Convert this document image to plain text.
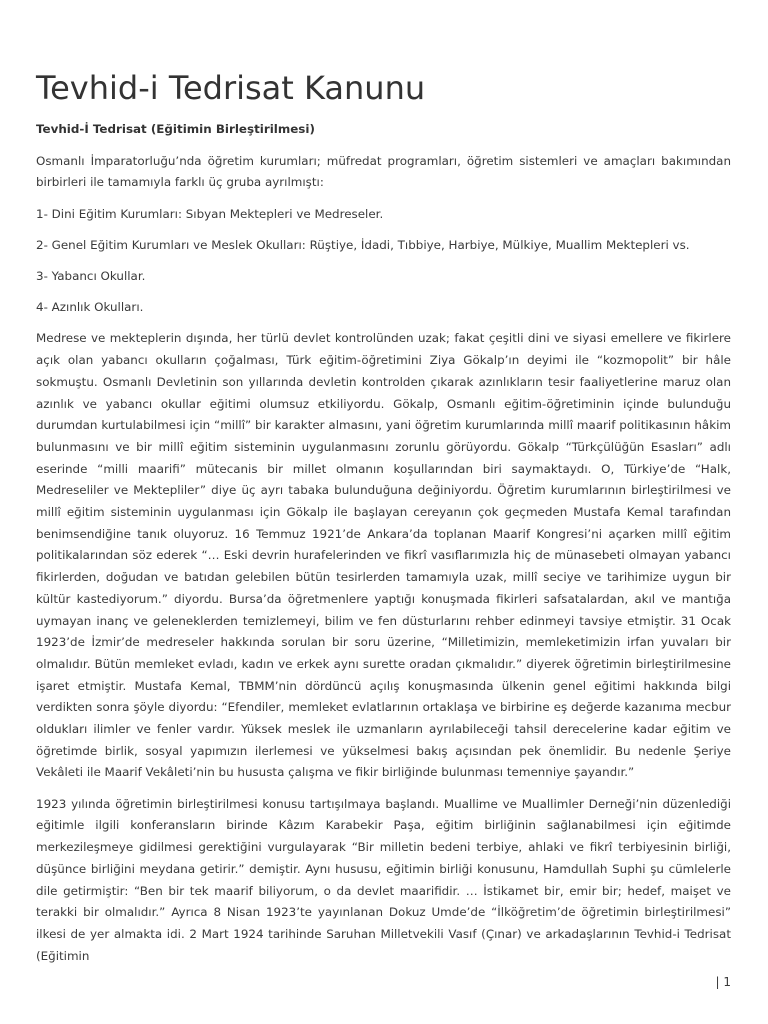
Tevhid-i Tedrisat Kanunu

Tevhid-İ Tedrisat (Eğitimin Birleştirilmesi)

Osmanlı İmparatorluğu’nda öğretim kurumları; müfredat programları, öğretim sistemleri ve amaçları bakımından birbirleri ile tamamıyla farklı üç gruba ayrılmıştı:

1- Dini Eğitim Kurumları: Sıbyan Mektepleri ve Medreseler.

2- Genel Eğitim Kurumları ve Meslek Okulları: Rüştiye, İdadi, Tıbbiye, Harbiye, Mülkiye, Muallim Mektepleri vs.

3- Yabancı Okullar.

4- Azınlık Okulları.

Medrese ve mekteplerin dışında, her türlü devlet kontrolünden uzak; fakat çeşitli dini ve siyasi emellere ve fikirlere açık olan yabancı okulların çoğalması, Türk eğitim-öğretimini Ziya Gökalp’ın deyimi ile “kozmopolit” bir hâle sokmuştu. Osmanlı Devletinin son yıllarında devletin kontrolden çıkarak azınlıkların tesir faaliyetlerine maruz olan azınlık ve yabancı okullar eğitimi olumsuz etkiliyordu. Gökalp, Osmanlı eğitim-öğretiminin içinde bulunduğu durumdan kurtulabilmesi için “millî” bir karakter almasını, yani öğretim kurumlarında millî maarif politikasının hâkim bulunmasını ve bir millî eğitim sisteminin uygulanmasını zorunlu görüyordu. Gökalp “Türkçülüğün Esasları” adlı eserinde “milli maarifi” mütecanis bir millet olmanın koşullarından biri saymaktaydı. O, Türkiye’de “Halk, Medreseliler ve Mektepliler” diye üç ayrı tabaka bulunduğuna değiniyordu. Öğretim kurumlarının birleştirilmesi ve millî eğitim sisteminin uygulanması için Gökalp ile başlayan cereyanın çok geçmeden Mustafa Kemal tarafından benimsendiğine tanık oluyoruz. 16 Temmuz 1921’de Ankara’da toplanan Maarif Kongresi’ni açarken millî eğitim politikalarından söz ederek “… Eski devrin hurafelerinden ve fikrî vasıflarımızla hiç de münasebeti olmayan yabancı fikirlerden, doğudan ve batıdan gelebilen bütün tesirlerden tamamıyla uzak, millî seciye ve tarihimize uygun bir kültür kastediyorum.” diyordu. Bursa’da öğretmenlere yaptığı konuşmada fikirleri safsatalardan, akıl ve mantığa uymayan inanç ve geleneklerden temizlemeyi, bilim ve fen düsturlarını rehber edinmeyi tavsiye etmiştir. 31 Ocak 1923’de İzmir’de medreseler hakkında sorulan bir soru üzerine, “Milletimizin, memleketimizin irfan yuvaları bir olmalıdır. Bütün memleket evladı, kadın ve erkek aynı surette oradan çıkmalıdır.” diyerek öğretimin birleştirilmesine işaret etmiştir. Mustafa Kemal, TBMM’nin dördüncü açılış konuşmasında ülkenin genel eğitimi hakkında bilgi verdikten sonra şöyle diyordu: “Efendiler, memleket evlatlarının ortaklaşa ve birbirine eş değerde kazanıma mecbur oldukları ilimler ve fenler vardır. Yüksek meslek ile uzmanların ayrılabileceği tahsil derecelerine kadar eğitim ve öğretimde birlik, sosyal yapımızın ilerlemesi ve yükselmesi bakış açısından pek önemlidir. Bu nedenle Şeriye Vekâleti ile Maarif Vekâleti’nin bu hususta çalışma ve fikir birliğinde bulunması temenniye şayandır.”

1923 yılında öğretimin birleştirilmesi konusu tartışılmaya başlandı. Muallime ve Muallimler Derneği’nin düzenlediği eğitimle ilgili konferansların birinde Kâzım Karabekir Paşa, eğitim birliğinin sağlanabilmesi için eğitimde merkezileşmeye gidilmesi gerektiğini vurgulayarak “Bir milletin bedeni terbiye, ahlaki ve fikrî terbiyesinin birliği, düşünce birliğini meydana getirir.” demiştir. Aynı hususu, eğitimin birliği konusunu, Hamdullah Suphi şu cümlelerle dile getirmiştir: “Ben bir tek maarif biliyorum, o da devlet maarifidir. … İstikamet bir, emir bir; hedef, maişet ve terakki bir olmalıdır.” Ayrıca 8 Nisan 1923’te yayınlanan Dokuz Umde’de “İlköğretim’de öğretimin birleştirilmesi” ilkesi de yer almakta idi. 2 Mart 1924 tarihinde Saruhan Milletvekili Vasıf (Çınar) ve arkadaşlarının Tevhid-i Tedrisat (Eğitimin

| 1
